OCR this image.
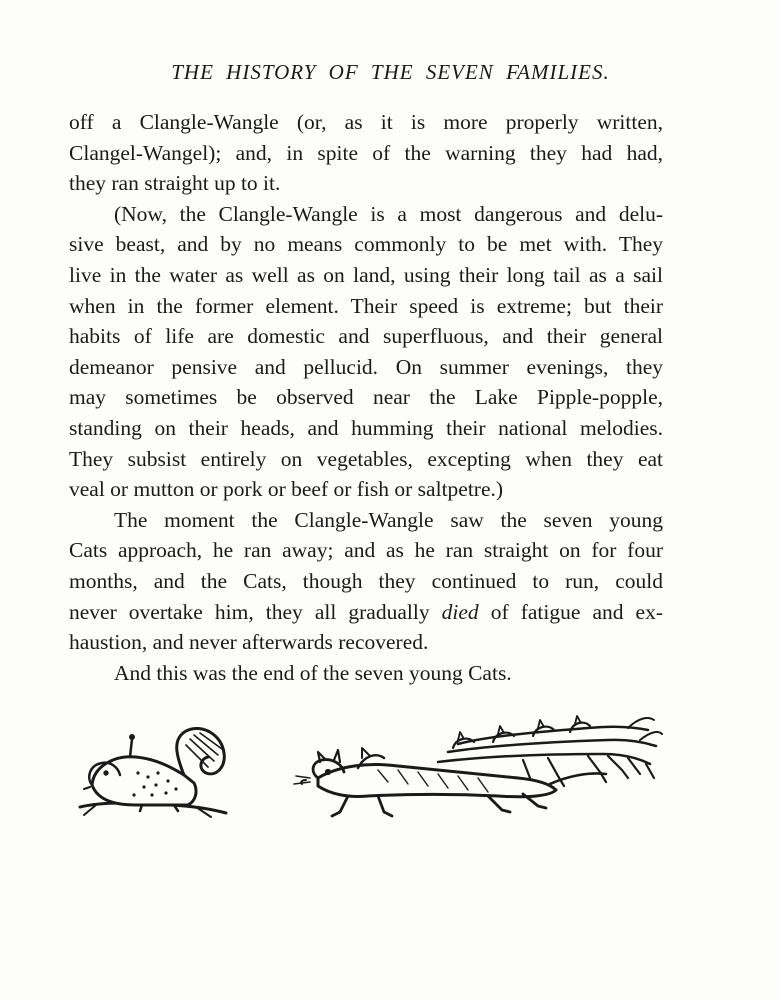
THE HISTORY OF THE SEVEN FAMILIES.

off a Clangle-Wangle (or, as it is more properly written,
Clangel-Wangel); and, in spite of the warning they had had,
they ran straight up to it.

(Now, the Clangle-Wangle is a most dangerous and delu-
sive beast, and by no means commonly to be met with. They
live in the water as well as on land, using their long tail as a sail
when in the former element. Their speed is extreme; but their
habits of life are domestic and superfluous, and their general
demeanor pensive and pellucid. On summer evenings, they
may sometimes be observed near the Lake Pipple-popple,
standing on their heads, and humming their national melodies.
They subsist entirely on vegetables, excepting when they eat
veal or mutton or pork or beef or fish or saltpetre.)

The moment the Clangle-Wangle saw the seven young
Cats approach, he ran away; and as he ran straight on for four
months, and the Cats, though they continued to run, could
never overtake him, they all gradually died of fatigue and ex-
haustion, and never afterwards recovered.

And this was the end of the seven young Cats.
